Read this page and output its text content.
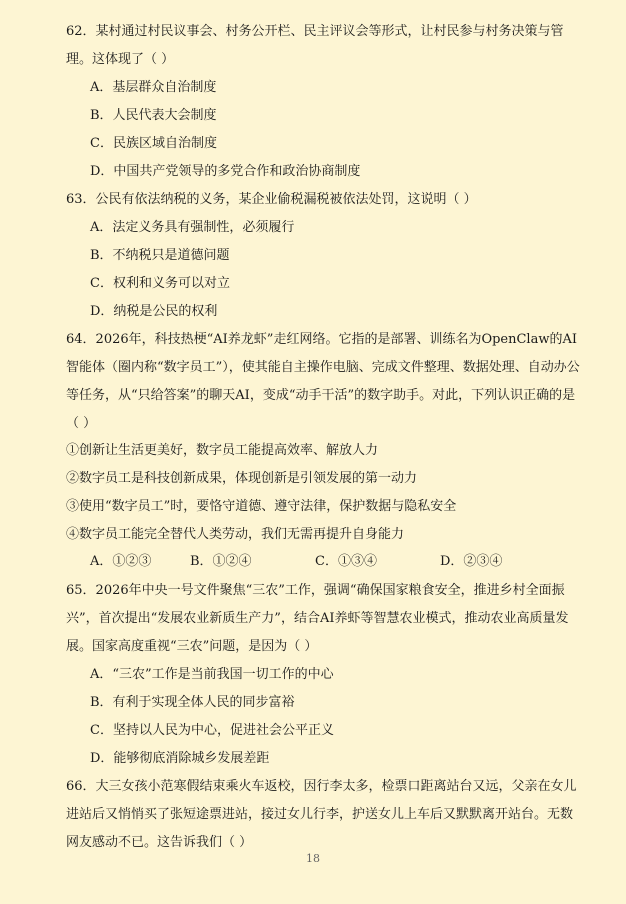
62．某村通过村民议事会、村务公开栏、民主评议会等形式，让村民参与村务决策与管
理。这体现了（ ）
A．基层群众自治制度
B．人民代表大会制度
C．民族区域自治制度
D．中国共产党领导的多党合作和政治协商制度
63．公民有依法纳税的义务，某企业偷税漏税被依法处罚，这说明（ ）
A．法定义务具有强制性，必须履行
B．不纳税只是道德问题
C．权利和义务可以对立
D．纳税是公民的权利
64．2026年，科技热梗“AI养龙虾”走红网络。它指的是部署、训练名为OpenClaw的AI
智能体（圈内称“数字员工”），使其能自主操作电脑、完成文件整理、数据处理、自动办公
等任务，从“只给答案”的聊天AI，变成“动手干活”的数字助手。对此，下列认识正确的是
（ ）
①创新让生活更美好，数字员工能提高效率、解放人力
②数字员工是科技创新成果，体现创新是引领发展的第一动力
③使用“数字员工”时，要恪守道德、遵守法律，保护数据与隐私安全
④数字员工能完全替代人类劳动，我们无需再提升自身能力
A．①②③	B．①②④	C．①③④	D．②③④
65．2026年中央一号文件聚焦“三农”工作，强调“确保国家粮食安全，推进乡村全面振
兴”，首次提出“发展农业新质生产力”，结合AI养虾等智慧农业模式，推动农业高质量发
展。国家高度重视“三农”问题，是因为（ ）
A．“三农”工作是当前我国一切工作的中心
B．有利于实现全体人民的同步富裕
C．坚持以人民为中心，促进社会公平正义
D．能够彻底消除城乡发展差距
66．大三女孩小范寒假结束乘火车返校，因行李太多，检票口距离站台又远，父亲在女儿
进站后又悄悄买了张短途票进站，接过女儿行李，护送女儿上车后又默默离开站台。无数
网友感动不已。这告诉我们（ ）
18
